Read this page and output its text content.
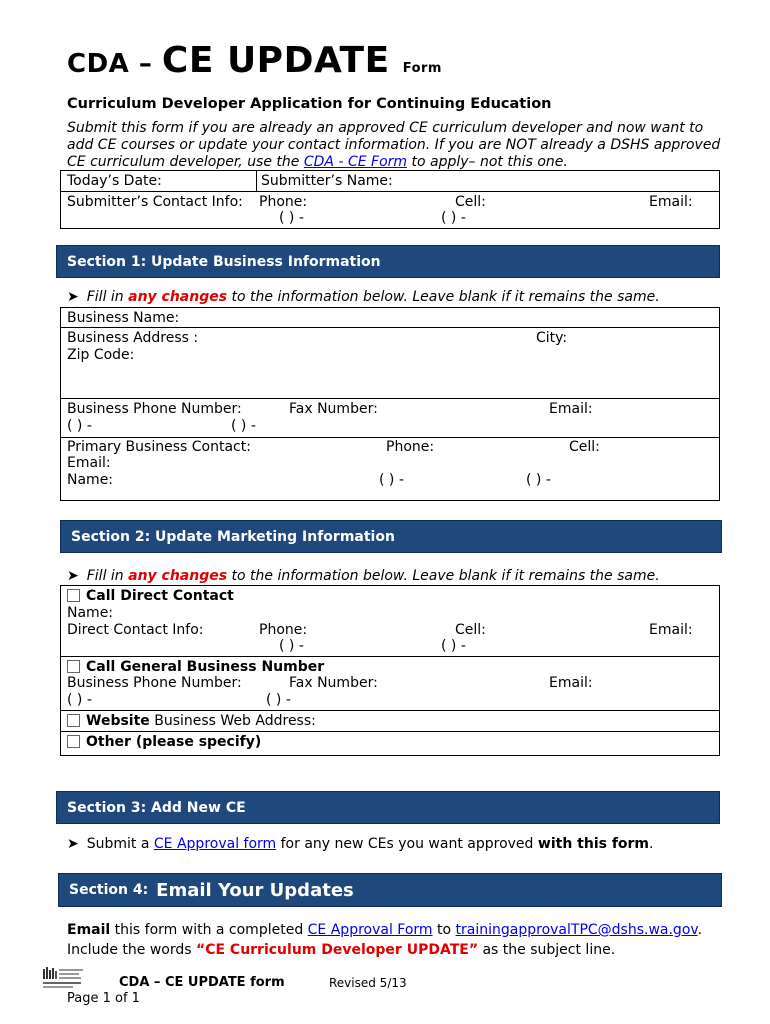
CDA – CE UPDATE Form
Curriculum Developer Application for Continuing Education
Submit this form if you are already an approved CE curriculum developer and now want to add CE courses or update your contact information. If you are NOT already a DSHS approved CE curriculum developer, use the CDA - CE Form to apply– not this one.
Today’s Date:	Submitter’s Name:
Submitter’s Contact Info: Phone:	Cell:	Email:
( ) -	( ) -
Section 1: Update Business Information
➤ Fill in any changes to the information below. Leave blank if it remains the same.
Business Name:
Business Address :	City:
Zip Code:
Business Phone Number:	Fax Number:	Email:
( ) -	( ) -
Primary Business Contact:	Phone:	Cell:
Email:
Name:	( ) -	( ) -
Section 2: Update Marketing Information
➤ Fill in any changes to the information below. Leave blank if it remains the same.
Call Direct Contact
Name:
Direct Contact Info:	Phone:	Cell:	Email:
( ) -	( ) -
Call General Business Number
Business Phone Number:	Fax Number:	Email:
( ) -	( ) -
Website Business Web Address:
Other (please specify)
Section 3: Add New CE
➤ Submit a CE Approval form for any new CEs you want approved with this form.
Section 4: Email Your Updates
Email this form with a completed CE Approval Form to trainingapprovalTPC@dshs.wa.gov.
Include the words “CE Curriculum Developer UPDATE” as the subject line.
CDA – CE UPDATE form	Revised 5/13
Page 1 of 1
